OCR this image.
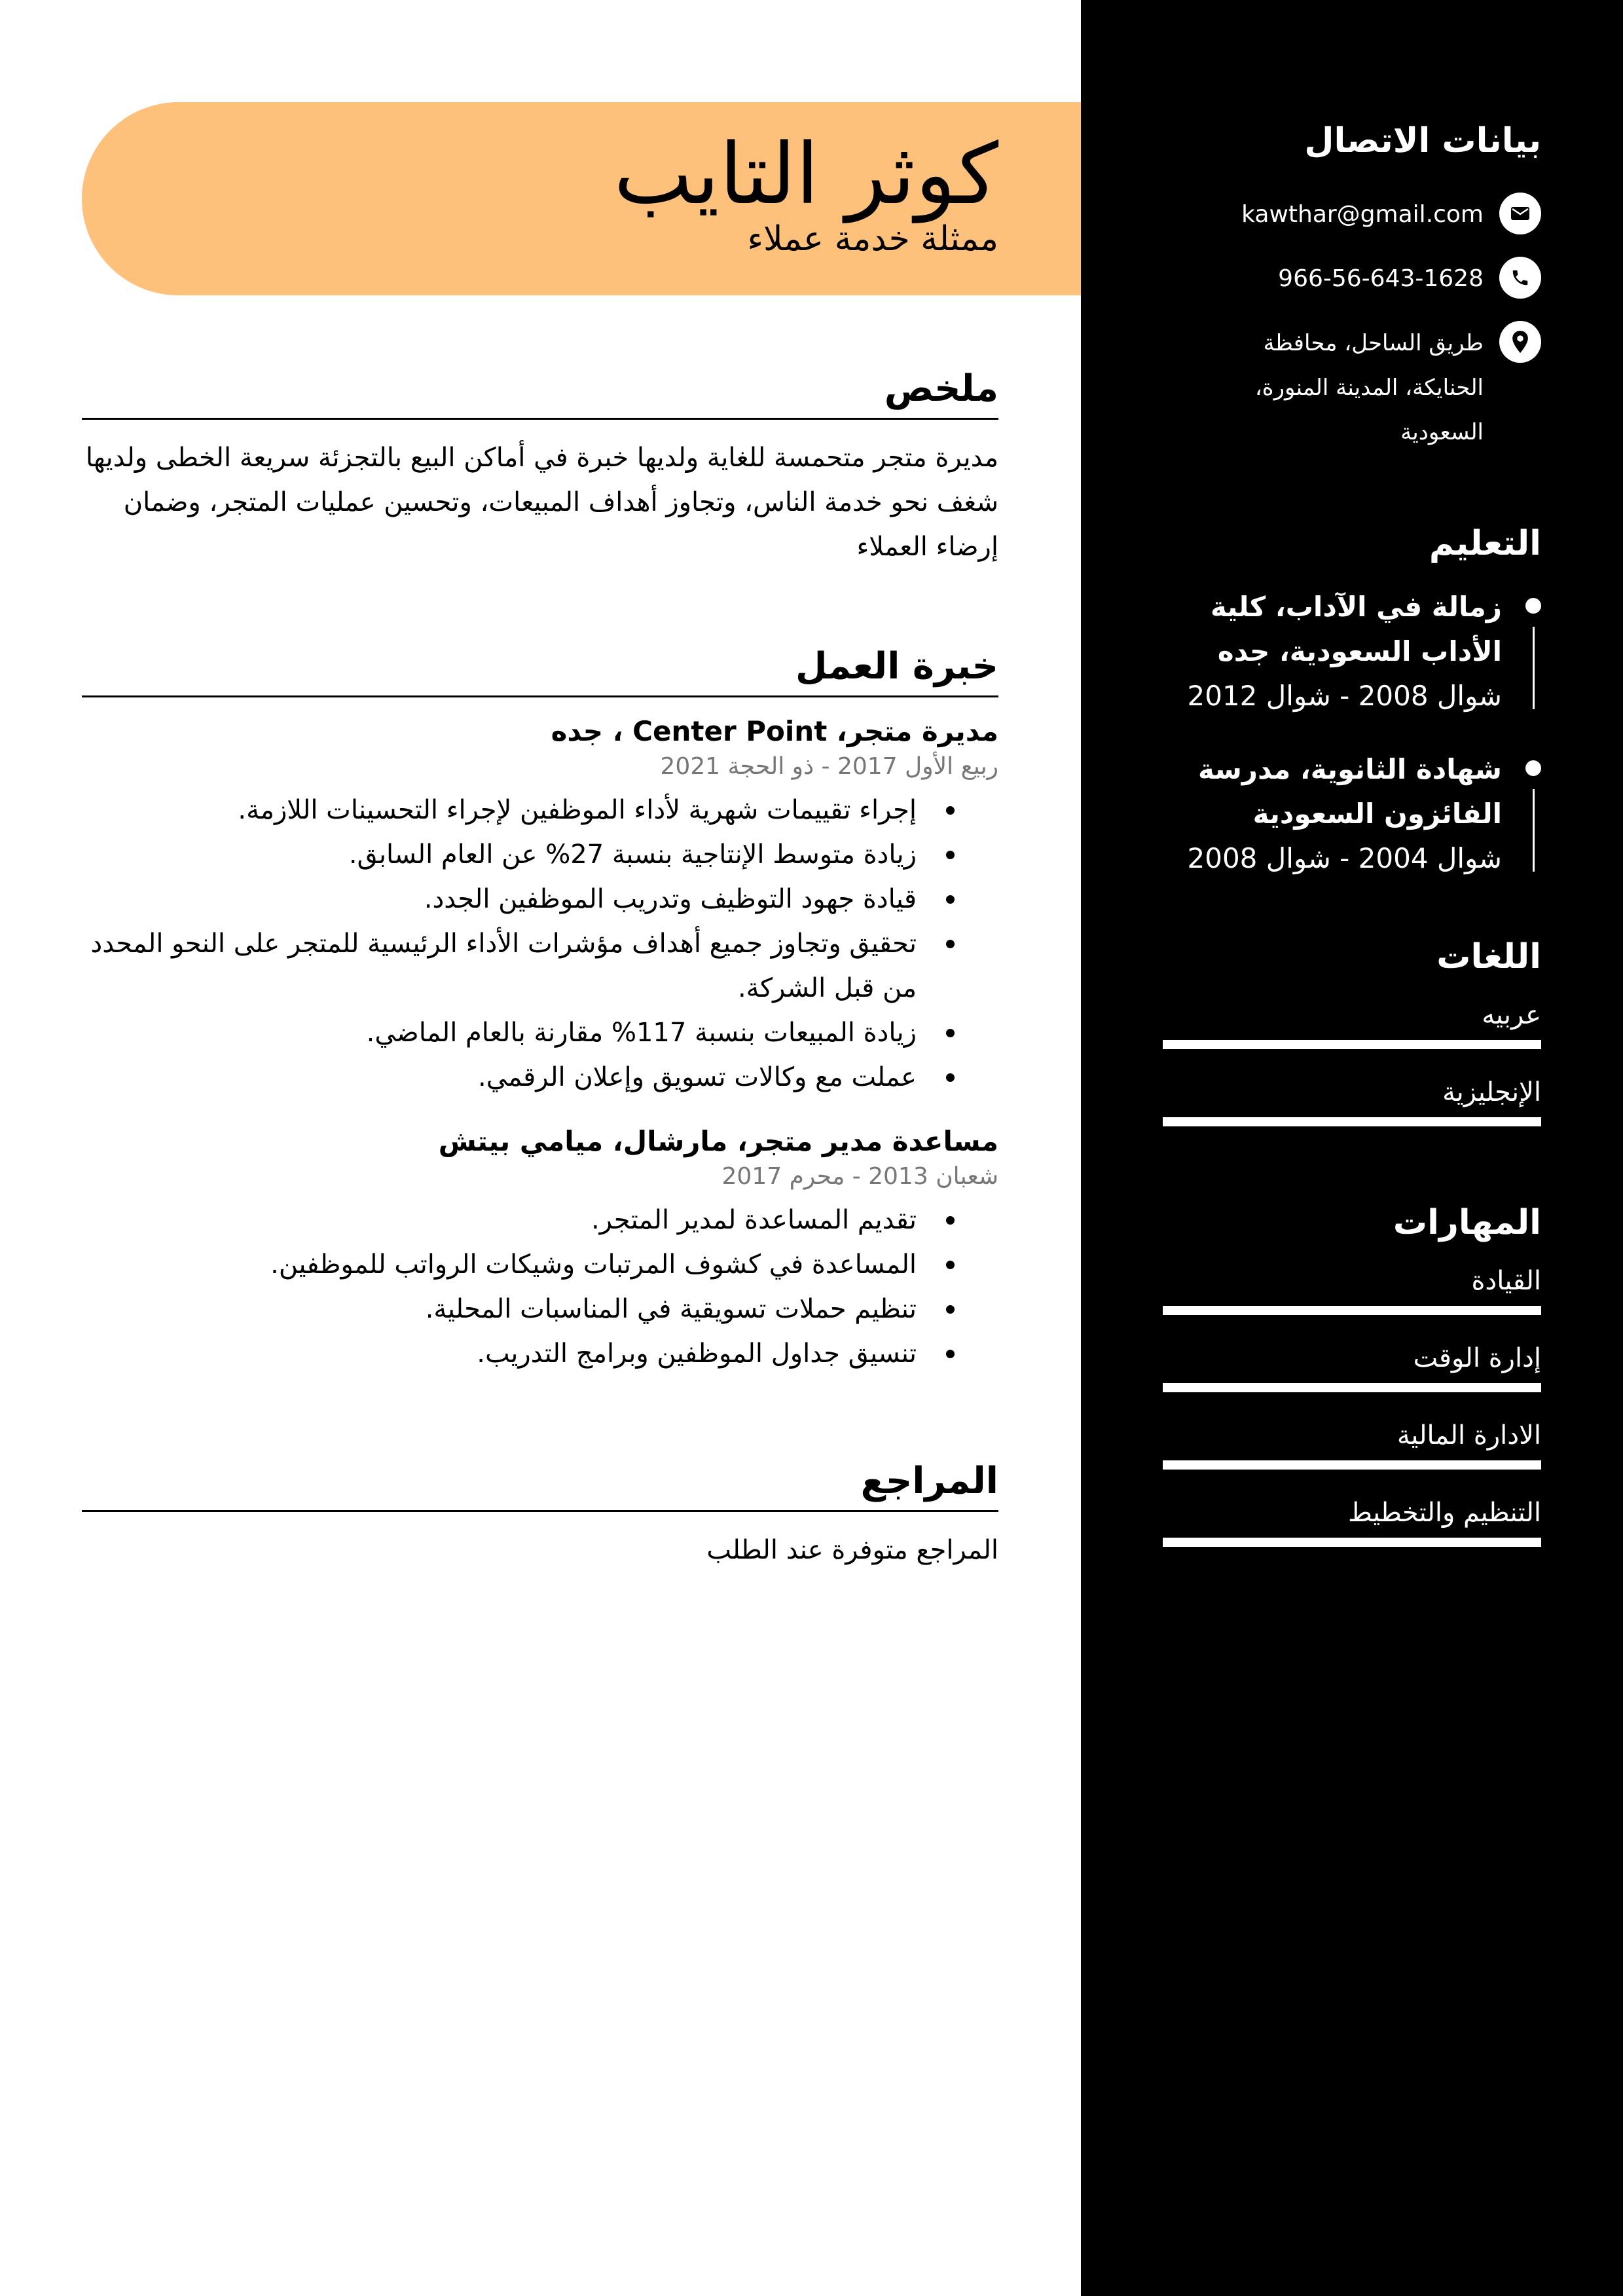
بيانات الاتصال
kawthar@gmail.com
966-56-643-1628
طريق الساحل، محافظة الحنايكة، المدينة المنورة، السعودية
التعليم
زمالة في الآداب، كلية الأداب السعودية، جده
شوال 2008 - شوال 2012
شهادة الثانوية، مدرسة الفائزون السعودية
شوال 2004 - شوال 2008
اللغات
عربيه
الإنجليزية
المهارات
القيادة
إدارة الوقت
الادارة المالية
التنظيم والتخطيط
كوثر التايب
ممثلة خدمة عملاء
ملخص
مديرة متجر متحمسة للغاية ولديها خبرة في أماكن البيع بالتجزئة سريعة الخطى ولديها شغف نحو خدمة الناس، وتجاوز أهداف المبيعات، وتحسين عمليات المتجر، وضمان إرضاء العملاء
خبرة العمل
مديرة متجر، Center Point ، جده
ربيع الأول 2017 - ذو الحجة 2021
إجراء تقييمات شهرية لأداء الموظفين لإجراء التحسينات اللازمة.
زيادة متوسط الإنتاجية بنسبة 27% عن العام السابق.
قيادة جهود التوظيف وتدريب الموظفين الجدد.
تحقيق وتجاوز جميع أهداف مؤشرات الأداء الرئيسية للمتجر على النحو المحدد من قبل الشركة.
زيادة المبيعات بنسبة 117% مقارنة بالعام الماضي.
عملت مع وكالات تسويق وإعلان الرقمي.
مساعدة مدير متجر، مارشال، ميامي بيتش
شعبان 2013 - محرم 2017
تقديم المساعدة لمدير المتجر.
المساعدة في كشوف المرتبات وشيكات الرواتب للموظفين.
تنظيم حملات تسويقية في المناسبات المحلية.
تنسيق جداول الموظفين وبرامج التدريب.
المراجع
المراجع متوفرة عند الطلب
